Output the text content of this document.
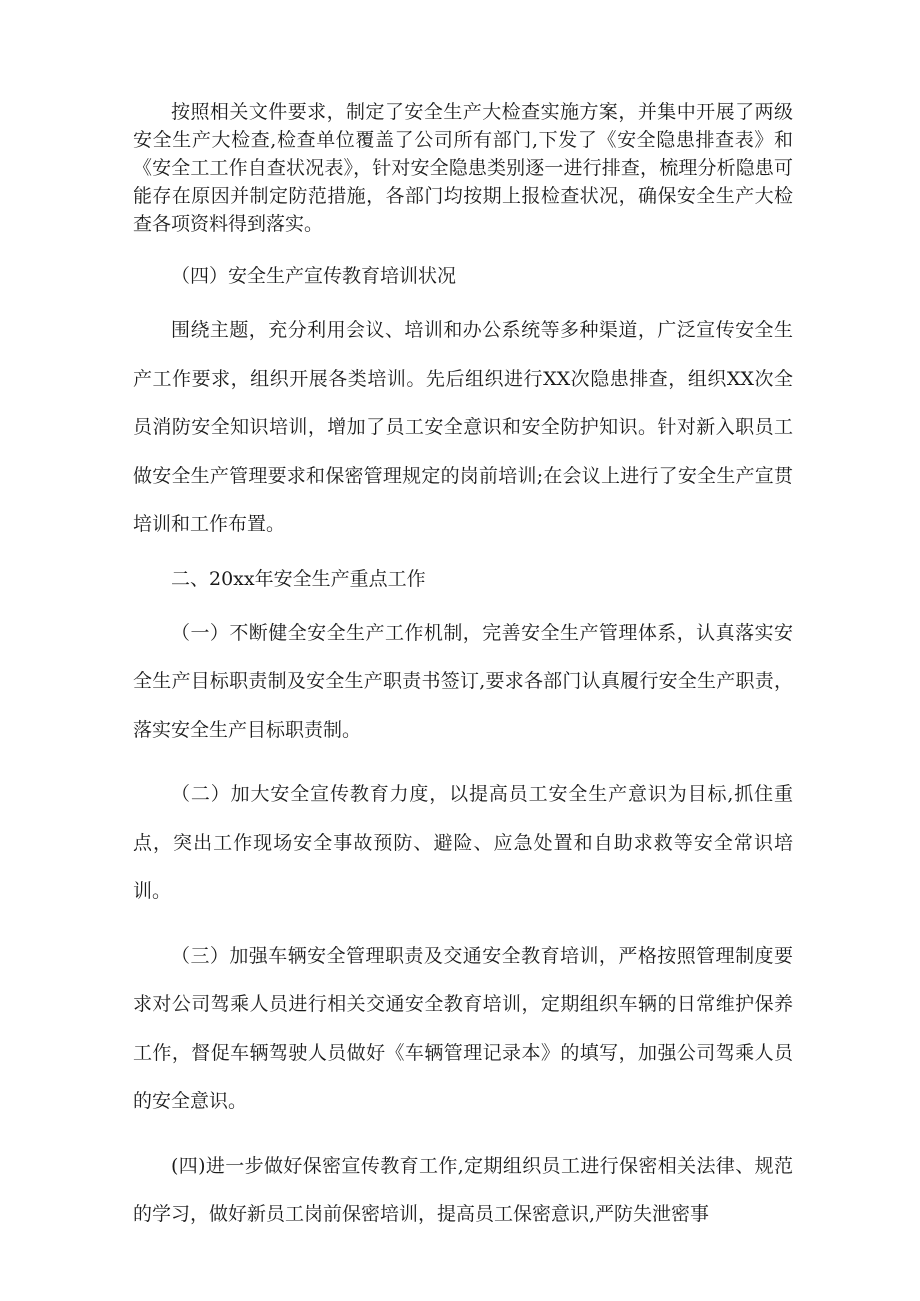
按照相关文件要求，制定了安全生产大检查实施方案，并集中开展了两级安全生产大检查,检查单位覆盖了公司所有部门,下发了《安全隐患排查表》和《安全工工作自查状况表》，针对安全隐患类别逐一进行排查，梳理分析隐患可能存在原因并制定防范措施，各部门均按期上报检查状况，确保安全生产大检查各项资料得到落实。

（四）安全生产宣传教育培训状况

围绕主题，充分利用会议、培训和办公系统等多种渠道，广泛宣传安全生产工作要求，组织开展各类培训。先后组织进行XX次隐患排查，组织XX次全员消防安全知识培训，增加了员工安全意识和安全防护知识。针对新入职员工做安全生产管理要求和保密管理规定的岗前培训;在会议上进行了安全生产宣贯培训和工作布置。

二、20xx年安全生产重点工作

（一）不断健全安全生产工作机制，完善安全生产管理体系，认真落实安全生产目标职责制及安全生产职责书签订,要求各部门认真履行安全生产职责，落实安全生产目标职责制。

（二）加大安全宣传教育力度，以提高员工安全生产意识为目标,抓住重点，突出工作现场安全事故预防、避险、应急处置和自助求救等安全常识培训。

（三）加强车辆安全管理职责及交通安全教育培训，严格按照管理制度要求对公司驾乘人员进行相关交通安全教育培训，定期组织车辆的日常维护保养工作，督促车辆驾驶人员做好《车辆管理记录本》的填写，加强公司驾乘人员的安全意识。

(四)进一步做好保密宣传教育工作,定期组织员工进行保密相关法律、规范的学习，做好新员工岗前保密培训，提高员工保密意识,严防失泄密事
